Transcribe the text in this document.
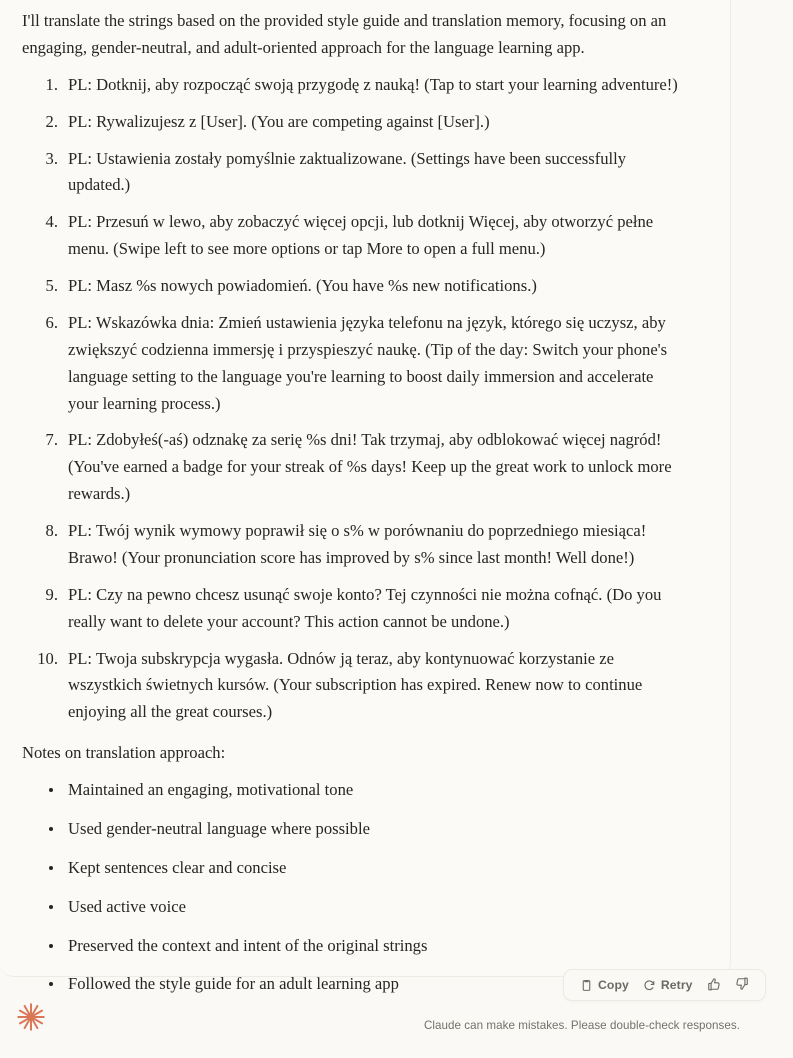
I'll translate the strings based on the provided style guide and translation memory, focusing on an engaging, gender-neutral, and adult-oriented approach for the language learning app.

PL: Dotknij, aby rozpocząć swoją przygodę z nauką! (Tap to start your learning adventure!)
PL: Rywalizujesz z [User]. (You are competing against [User].)
PL: Ustawienia zostały pomyślnie zaktualizowane. (Settings have been successfully updated.)
PL: Przesuń w lewo, aby zobaczyć więcej opcji, lub dotknij Więcej, aby otworzyć pełne menu. (Swipe left to see more options or tap More to open a full menu.)
PL: Masz %s nowych powiadomień. (You have %s new notifications.)
PL: Wskazówka dnia: Zmień ustawienia języka telefonu na język, którego się uczysz, aby zwiększyć codzienna immersję i przyspieszyć naukę. (Tip of the day: Switch your phone's language setting to the language you're learning to boost daily immersion and accelerate your learning process.)
PL: Zdobyłeś(-aś) odznakę za serię %s dni! Tak trzymaj, aby odblokować więcej nagród! (You've earned a badge for your streak of %s days! Keep up the great work to unlock more rewards.)
PL: Twój wynik wymowy poprawił się o s% w porównaniu do poprzedniego miesiąca! Brawo! (Your pronunciation score has improved by s% since last month! Well done!)
PL: Czy na pewno chcesz usunąć swoje konto? Tej czynności nie można cofnąć. (Do you really want to delete your account? This action cannot be undone.)
PL: Twoja subskrypcja wygasła. Odnów ją teraz, aby kontynuować korzystanie ze wszystkich świetnych kursów. (Your subscription has expired. Renew now to continue enjoying all the great courses.)

Notes on translation approach:

Maintained an engaging, motivational tone
Used gender-neutral language where possible
Kept sentences clear and concise
Used active voice
Preserved the context and intent of the original strings
Followed the style guide for an adult learning app	Copy	Retry
Claude can make mistakes. Please double-check responses.
